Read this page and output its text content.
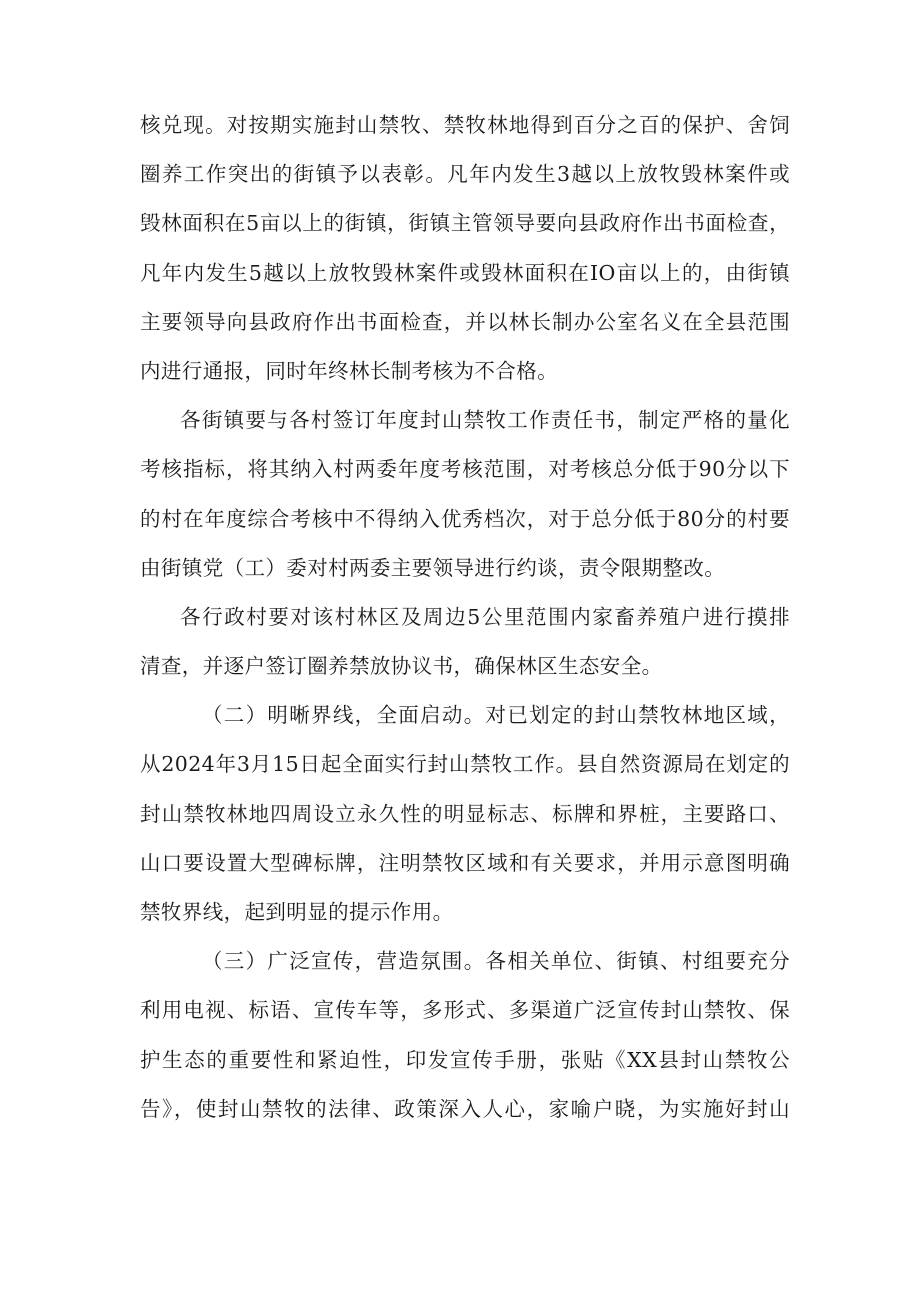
核兑现。对按期实施封山禁牧、禁牧林地得到百分之百的保护、舍饲
圈养工作突出的街镇予以表彰。凡年内发生3越以上放牧毁林案件或
毁林面积在5亩以上的街镇，街镇主管领导要向县政府作出书面检查，
凡年内发生5越以上放牧毁林案件或毁林面积在IO亩以上的，由街镇
主要领导向县政府作出书面检查，并以林长制办公室名义在全县范围
内进行通报，同时年终林长制考核为不合格。
各街镇要与各村签订年度封山禁牧工作责任书，制定严格的量化
考核指标，将其纳入村两委年度考核范围，对考核总分低于90分以下
的村在年度综合考核中不得纳入优秀档次，对于总分低于80分的村要
由街镇党（工）委对村两委主要领导进行约谈，责令限期整改。
各行政村要对该村林区及周边5公里范围内家畜养殖户进行摸排
清查，并逐户签订圈养禁放协议书，确保林区生态安全。
（二）明晰界线，全面启动。对已划定的封山禁牧林地区域，
从2024年3月15日起全面实行封山禁牧工作。县自然资源局在划定的
封山禁牧林地四周设立永久性的明显标志、标牌和界桩，主要路口、
山口要设置大型碑标牌，注明禁牧区域和有关要求，并用示意图明确
禁牧界线，起到明显的提示作用。
（三）广泛宣传，营造氛围。各相关单位、街镇、村组要充分
利用电视、标语、宣传车等，多形式、多渠道广泛宣传封山禁牧、保
护生态的重要性和紧迫性，印发宣传手册，张贴《XX县封山禁牧公
告》，使封山禁牧的法律、政策深入人心，家喻户晓，为实施好封山
